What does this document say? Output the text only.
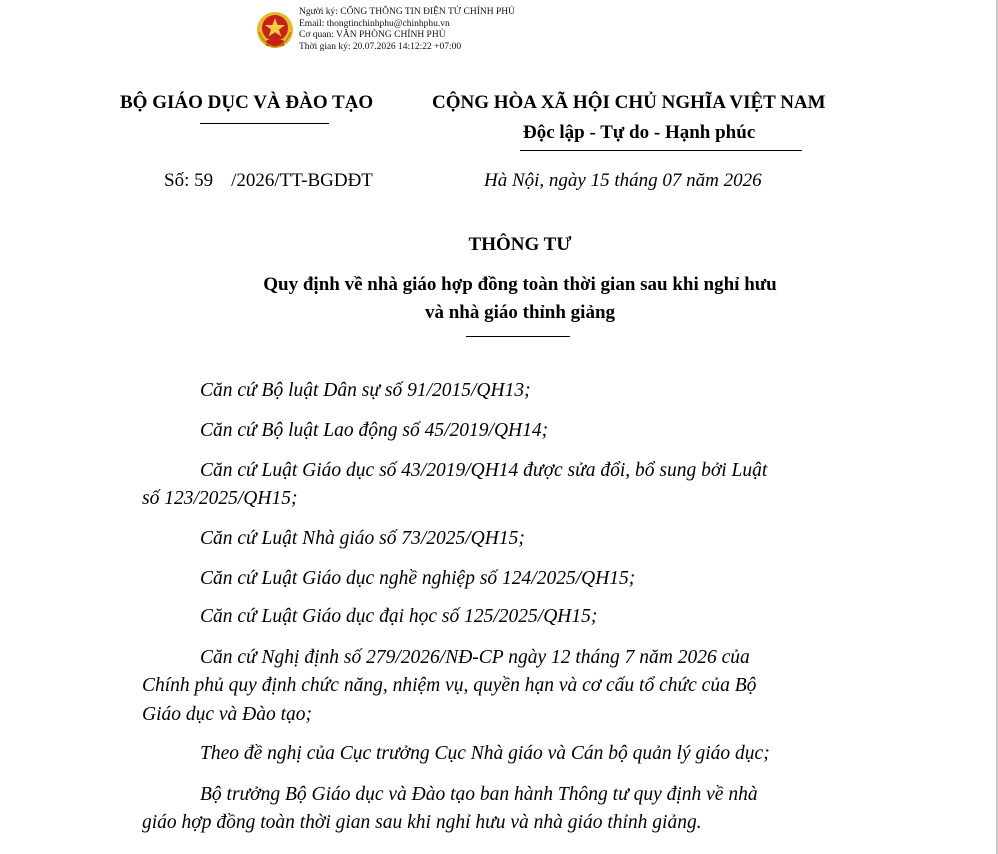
Người ký: CỔNG THÔNG TIN ĐIỆN TỬ CHÍNH PHỦ
Email: thongtinchinhphu@chinhphu.vn
Cơ quan: VĂN PHÒNG CHÍNH PHỦ
Thời gian ký: 20.07.2026 14:12:22 +07:00
BỘ GIÁO DỤC VÀ ĐÀO TẠO	CỘNG HÒA XÃ HỘI CHỦ NGHĨA VIỆT NAM
Độc lập - Tự do - Hạnh phúc
Số: 59 /2026/TT-BGDĐT	Hà Nội, ngày 15 tháng 07 năm 2026
THÔNG TƯ
Quy định về nhà giáo hợp đồng toàn thời gian sau khi nghỉ hưu
và nhà giáo thỉnh giảng
Căn cứ Bộ luật Dân sự số 91/2015/QH13;
Căn cứ Bộ luật Lao động số 45/2019/QH14;
Căn cứ Luật Giáo dục số 43/2019/QH14 được sửa đổi, bổ sung bởi Luật
số 123/2025/QH15;
Căn cứ Luật Nhà giáo số 73/2025/QH15;
Căn cứ Luật Giáo dục nghề nghiệp số 124/2025/QH15;
Căn cứ Luật Giáo dục đại học số 125/2025/QH15;
Căn cứ Nghị định số 279/2026/NĐ-CP ngày 12 tháng 7 năm 2026 của
Chính phủ quy định chức năng, nhiệm vụ, quyền hạn và cơ cấu tổ chức của Bộ
Giáo dục và Đào tạo;
Theo đề nghị của Cục trưởng Cục Nhà giáo và Cán bộ quản lý giáo dục;
Bộ trưởng Bộ Giáo dục và Đào tạo ban hành Thông tư quy định về nhà
giáo hợp đồng toàn thời gian sau khi nghỉ hưu và nhà giáo thỉnh giảng.
